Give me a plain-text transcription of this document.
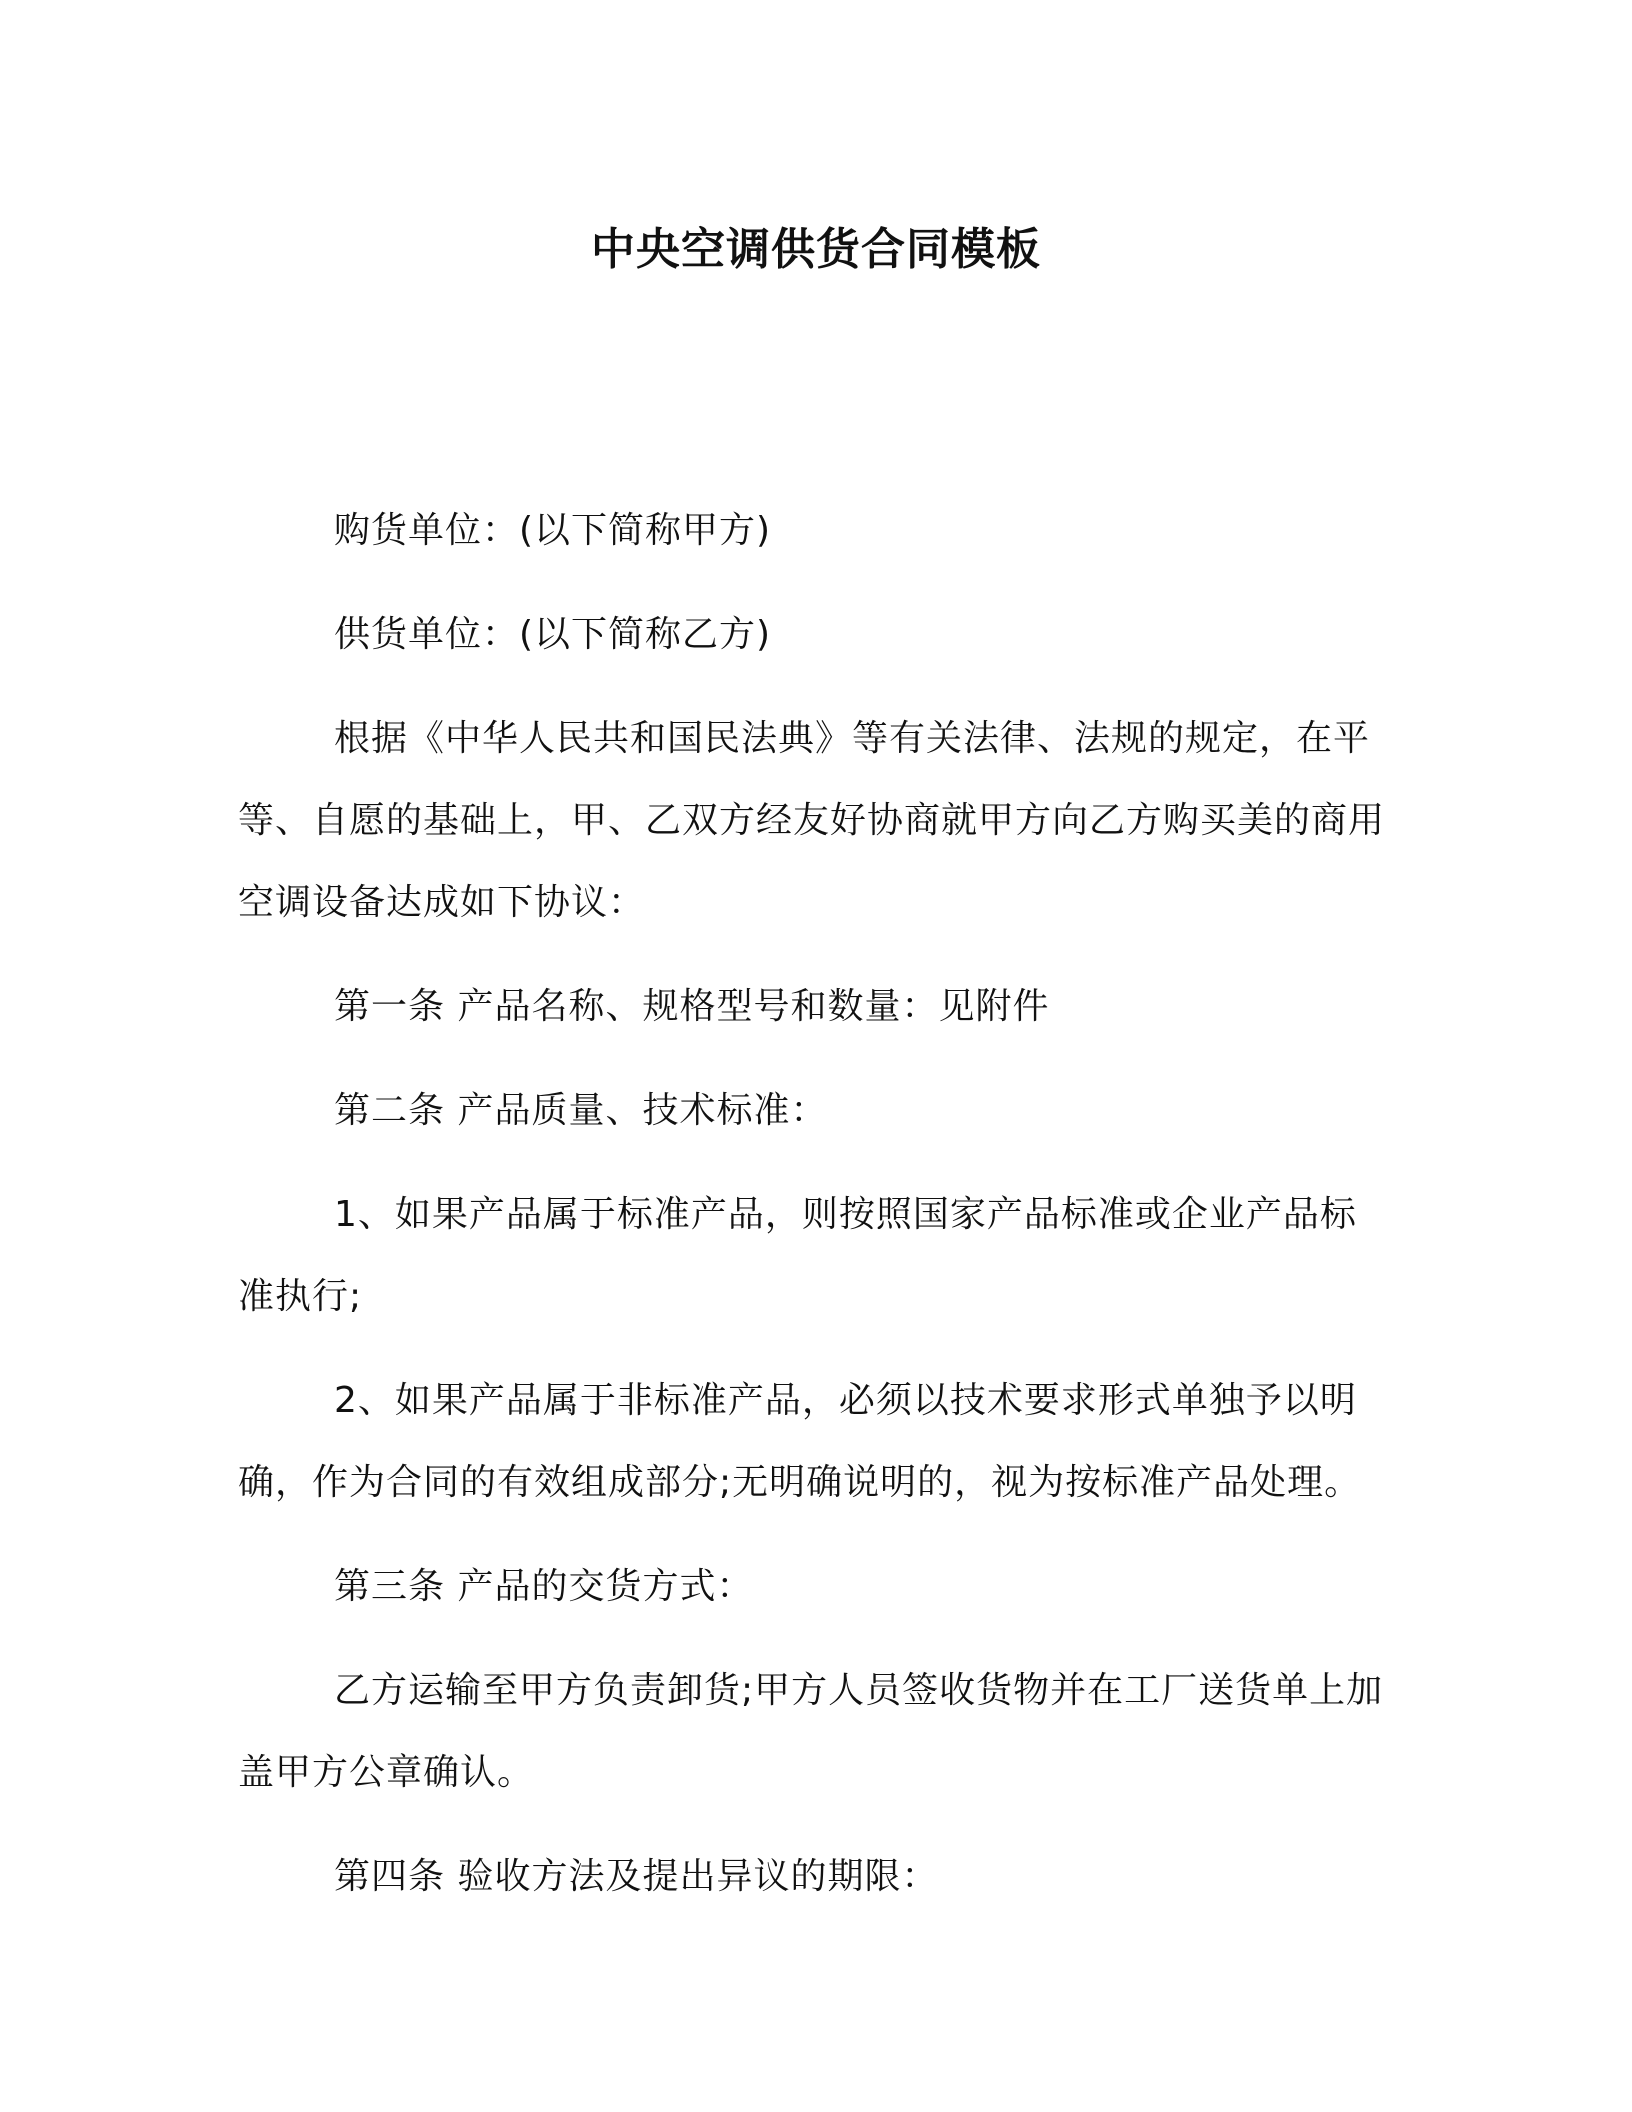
中央空调供货合同模板

购货单位：(以下简称甲方)

供货单位：(以下简称乙方)

根据《中华人民共和国民法典》等有关法律、法规的规定，在平等、自愿的基础上，甲、乙双方经友好协商就甲方向乙方购买美的商用空调设备达成如下协议：

第一条 产品名称、规格型号和数量：见附件

第二条 产品质量、技术标准：

1、如果产品属于标准产品，则按照国家产品标准或企业产品标准执行;

2、如果产品属于非标准产品，必须以技术要求形式单独予以明确，作为合同的有效组成部分;无明确说明的，视为按标准产品处理。

第三条 产品的交货方式：

乙方运输至甲方负责卸货;甲方人员签收货物并在工厂送货单上加盖甲方公章确认。

第四条 验收方法及提出异议的期限：
